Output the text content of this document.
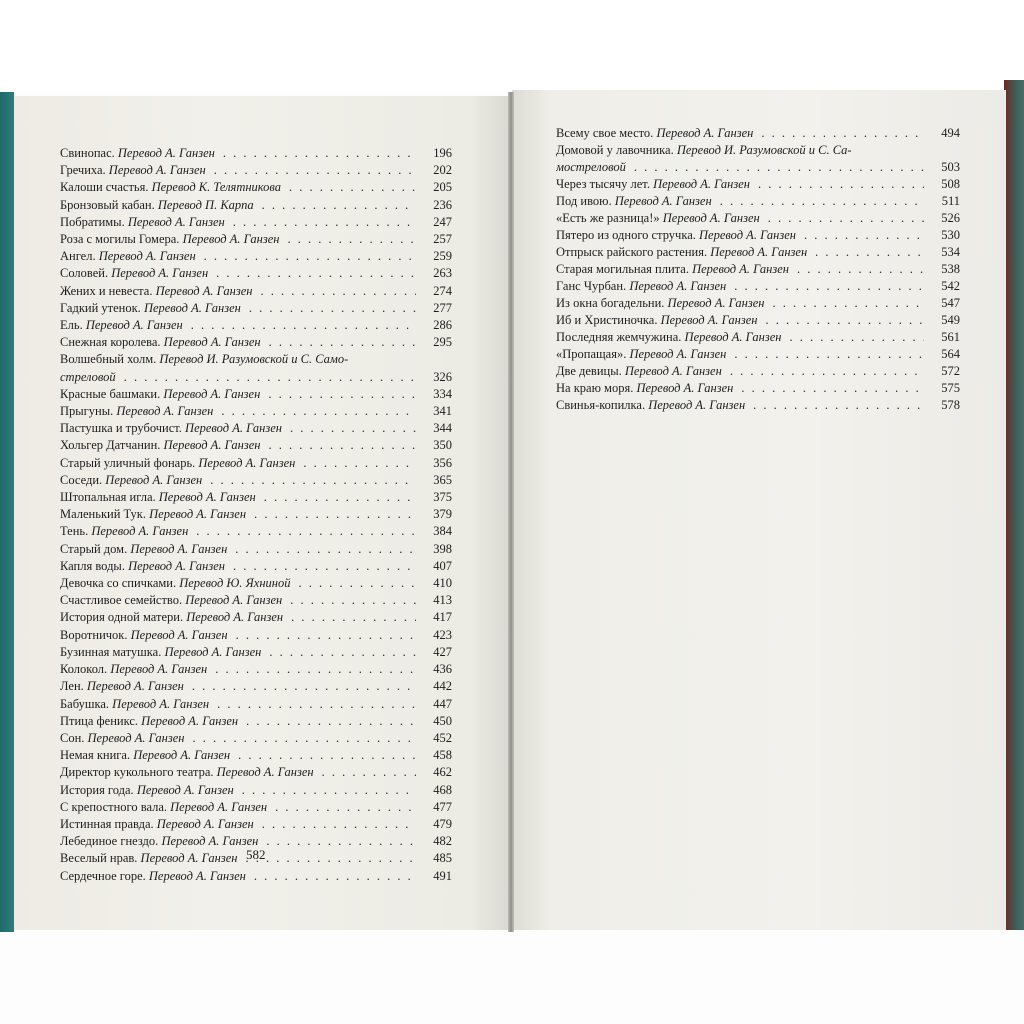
Свинопас. Перевод А. Ганзен . . .	196
Гречиха. Перевод А. Ганзен . . .	202
Калоши счастья. Перевод К. Телятникова . . .	205
Бронзовый кабан. Перевод П. Карпа . . .	236
Побратимы. Перевод А. Ганзен . . .	247
Роза с могилы Гомера. Перевод А. Ганзен . . .	257
Ангел. Перевод А. Ганзен . . .	259
Соловей. Перевод А. Ганзен . . .	263
Жених и невеста. Перевод А. Ганзен . . .	274
Гадкий утенок. Перевод А. Ганзен . . .	277
Ель. Перевод А. Ганзен . . .	286
Снежная королева. Перевод А. Ганзен . . .	295
Волшебный холм. Перевод И. Разумовской и С. Само-
стреловой . . .	326
Красные башмаки. Перевод А. Ганзен . . .	334
Прыгуны. Перевод А. Ганзен . . .	341
Пастушка и трубочист. Перевод А. Ганзен . . .	344
Хольгер Датчанин. Перевод А. Ганзен . . .	350
Старый уличный фонарь. Перевод А. Ганзен . . .	356
Соседи. Перевод А. Ганзен . . .	365
Штопальная игла. Перевод А. Ганзен . . .	375
Маленький Тук. Перевод А. Ганзен . . .	379
Тень. Перевод А. Ганзен . . .	384
Старый дом. Перевод А. Ганзен . . .	398
Капля воды. Перевод А. Ганзен . . .	407
Девочка со спичками. Перевод Ю. Яхниной . . .	410
Счастливое семейство. Перевод А. Ганзен . . .	413
История одной матери. Перевод А. Ганзен . . .	417
Воротничок. Перевод А. Ганзен . . .	423
Бузинная матушка. Перевод А. Ганзен . . .	427
Колокол. Перевод А. Ганзен . . .	436
Лен. Перевод А. Ганзен . . .	442
Бабушка. Перевод А. Ганзен . . .	447
Птица феникс. Перевод А. Ганзен . . .	450
Сон. Перевод А. Ганзен . . .	452
Немая книга. Перевод А. Ганзен . . .	458
Директор кукольного театра. Перевод А. Ганзен . . .	462
История года. Перевод А. Ганзен . . .	468
С крепостного вала. Перевод А. Ганзен . . .	477
Истинная правда. Перевод А. Ганзен . . .	479
Лебединое гнездо. Перевод А. Ганзен . . .	482
Веселый нрав. Перевод А. Ганзен . . .	485
Сердечное горе. Перевод А. Ганзен . . .	491
Всему свое место. Перевод А. Ганзен . . .	494
Домовой у лавочника. Перевод И. Разумовской и С. Са-
мостреловой . . .	503
Через тысячу лет. Перевод А. Ганзен . . .	508
Под ивою. Перевод А. Ганзен . . .	511
«Есть же разница!» Перевод А. Ганзен . . .	526
Пятеро из одного стручка. Перевод А. Ганзен . . .	530
Отпрыск райского растения. Перевод А. Ганзен . . .	534
Старая могильная плита. Перевод А. Ганзен . . .	538
Ганс Чурбан. Перевод А. Ганзен . . .	542
Из окна богадельни. Перевод А. Ганзен . . .	547
Иб и Христиночка. Перевод А. Ганзен . . .	549
Последняя жемчужина. Перевод А. Ганзен . . .	561
«Пропащая». Перевод А. Ганзен . . .	564
Две девицы. Перевод А. Ганзен . . .	572
На краю моря. Перевод А. Ганзен . . .	575
Свинья-копилка. Перевод А. Ганзен . . .	578
582
